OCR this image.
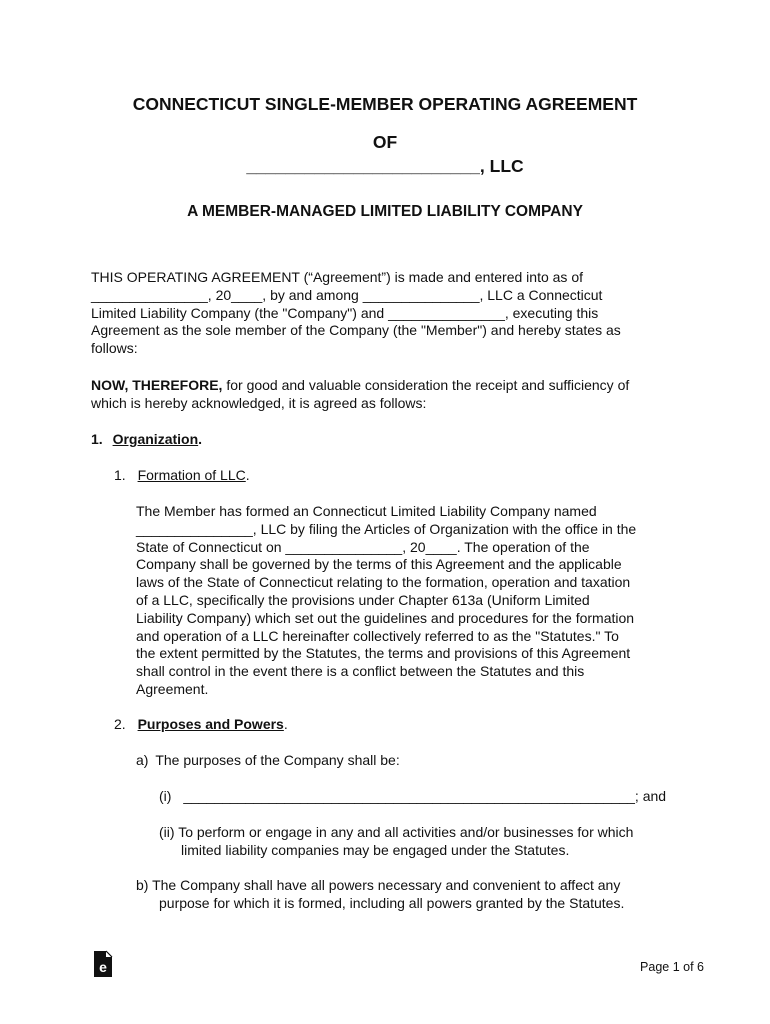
CONNECTICUT SINGLE-MEMBER OPERATING AGREEMENT
OF
________________________, LLC
A MEMBER-MANAGED LIMITED LIABILITY COMPANY
THIS OPERATING AGREEMENT (“Agreement”) is made and entered into as of
_______________, 20____, by and among _______________, LLC a Connecticut
Limited Liability Company (the "Company") and _______________, executing this
Agreement as the sole member of the Company (the "Member") and hereby states as
follows:
NOW, THEREFORE, for good and valuable consideration the receipt and sufficiency of
which is hereby acknowledged, it is agreed as follows:
1. Organization.
1. Formation of LLC.
The Member has formed an Connecticut Limited Liability Company named
_______________, LLC by filing the Articles of Organization with the office in the
State of Connecticut on _______________, 20____. The operation of the
Company shall be governed by the terms of this Agreement and the applicable
laws of the State of Connecticut relating to the formation, operation and taxation
of a LLC, specifically the provisions under Chapter 613a (Uniform Limited
Liability Company) which set out the guidelines and procedures for the formation
and operation of a LLC hereinafter collectively referred to as the "Statutes." To
the extent permitted by the Statutes, the terms and provisions of this Agreement
shall control in the event there is a conflict between the Statutes and this
Agreement.
2. Purposes and Powers.
a) The purposes of the Company shall be:
(i) __________________________________________________________; and
(ii) To perform or engage in any and all activities and/or businesses for which
limited liability companies may be engaged under the Statutes.
b) The Company shall have all powers necessary and convenient to affect any
purpose for which it is formed, including all powers granted by the Statutes.
e	Page 1 of 6
